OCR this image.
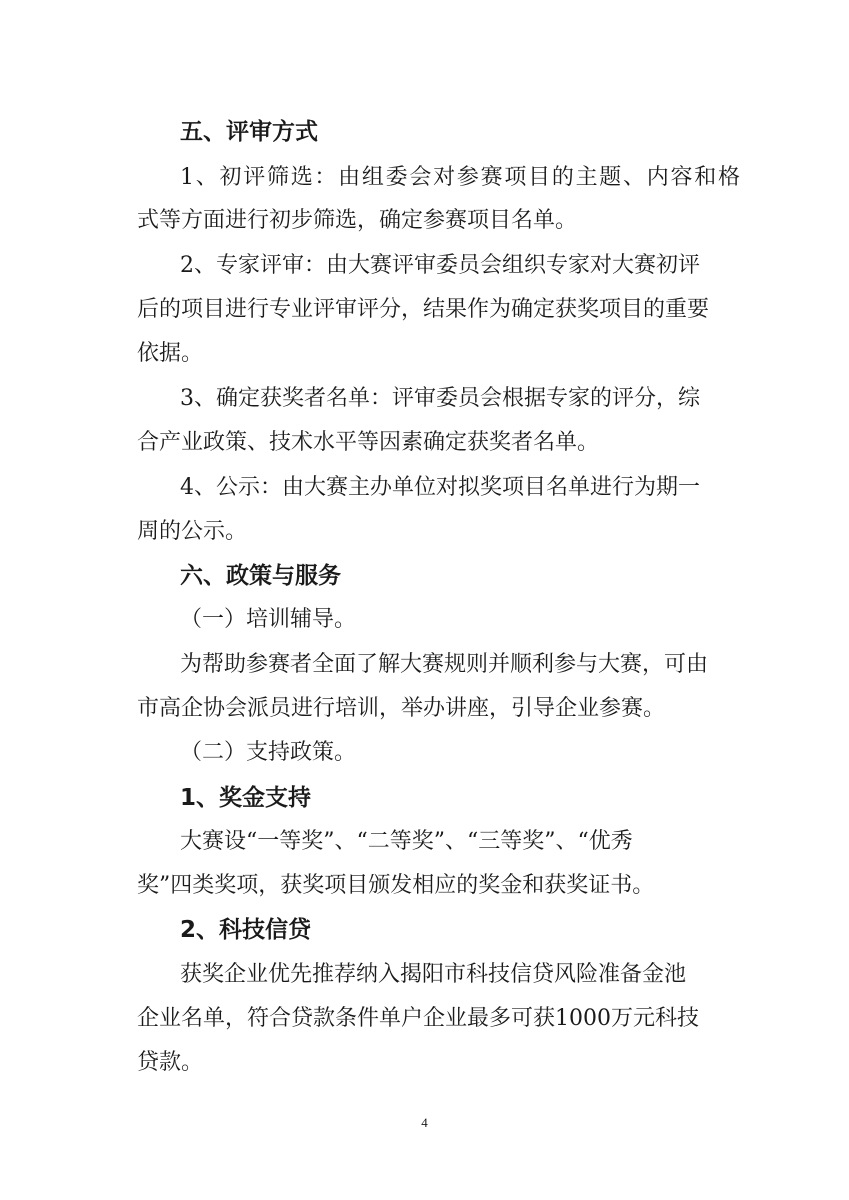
五、评审方式
1、初评筛选：由组委会对参赛项目的主题、内容和格
式等方面进行初步筛选，确定参赛项目名单。
2、专家评审：由大赛评审委员会组织专家对大赛初评
后的项目进行专业评审评分，结果作为确定获奖项目的重要
依据。
3、确定获奖者名单：评审委员会根据专家的评分，综
合产业政策、技术水平等因素确定获奖者名单。
4、公示：由大赛主办单位对拟奖项目名单进行为期一
周的公示。
六、政策与服务
（一）培训辅导。
为帮助参赛者全面了解大赛规则并顺利参与大赛，可由
市高企协会派员进行培训，举办讲座，引导企业参赛。
（二）支持政策。
1、奖金支持
大赛设“一等奖”、“二等奖”、“三等奖”、“优秀
奖”四类奖项，获奖项目颁发相应的奖金和获奖证书。
2、科技信贷
获奖企业优先推荐纳入揭阳市科技信贷风险准备金池
企业名单，符合贷款条件单户企业最多可获1000万元科技
贷款。
4
